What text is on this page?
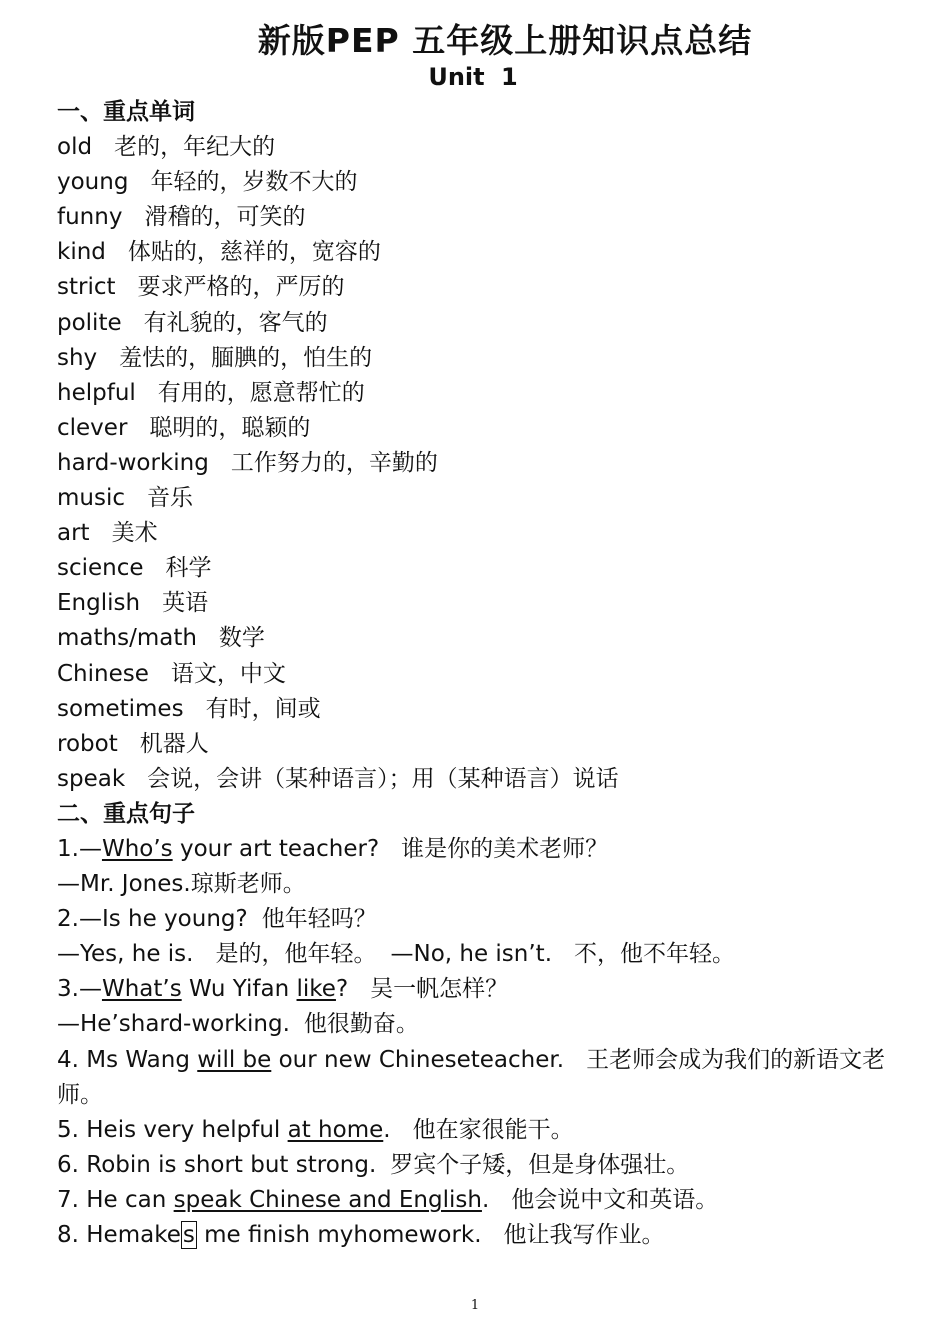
新版PEP 五年级上册知识点总结
Unit 1
一、重点单词
old 老的，年纪大的
young 年轻的，岁数不大的
funny 滑稽的，可笑的
kind 体贴的，慈祥的，宽容的
strict 要求严格的，严厉的
polite 有礼貌的，客气的
shy 羞怯的，腼腆的，怕生的
helpful 有用的，愿意帮忙的
clever 聪明的，聪颖的
hard-working 工作努力的，辛勤的
music 音乐
art 美术
science 科学
English 英语
maths/math 数学
Chinese 语文，中文
sometimes 有时，间或
robot 机器人
speak 会说，会讲（某种语言）；用（某种语言）说话
二、重点句子
1.—Who’s your art teacher? 谁是你的美术老师？
—Mr. Jones.琼斯老师。
2.—Is he young? 他年轻吗？
—Yes, he is. 是的，他年轻。 —No, he isn’t. 不，他不年轻。
3.—What’s Wu Yifan like? 吴一帆怎样？
—He’shard-working. 他很勤奋。
4. Ms Wang will be our new Chineseteacher. 王老师会成为我们的新语文老师。
5. Heis very helpful at home. 他在家很能干。
6. Robin is short but strong. 罗宾个子矮，但是身体强壮。
7. He can speak Chinese and English. 他会说中文和英语。
8. Hemakes me finish myhomework. 他让我写作业。
1
